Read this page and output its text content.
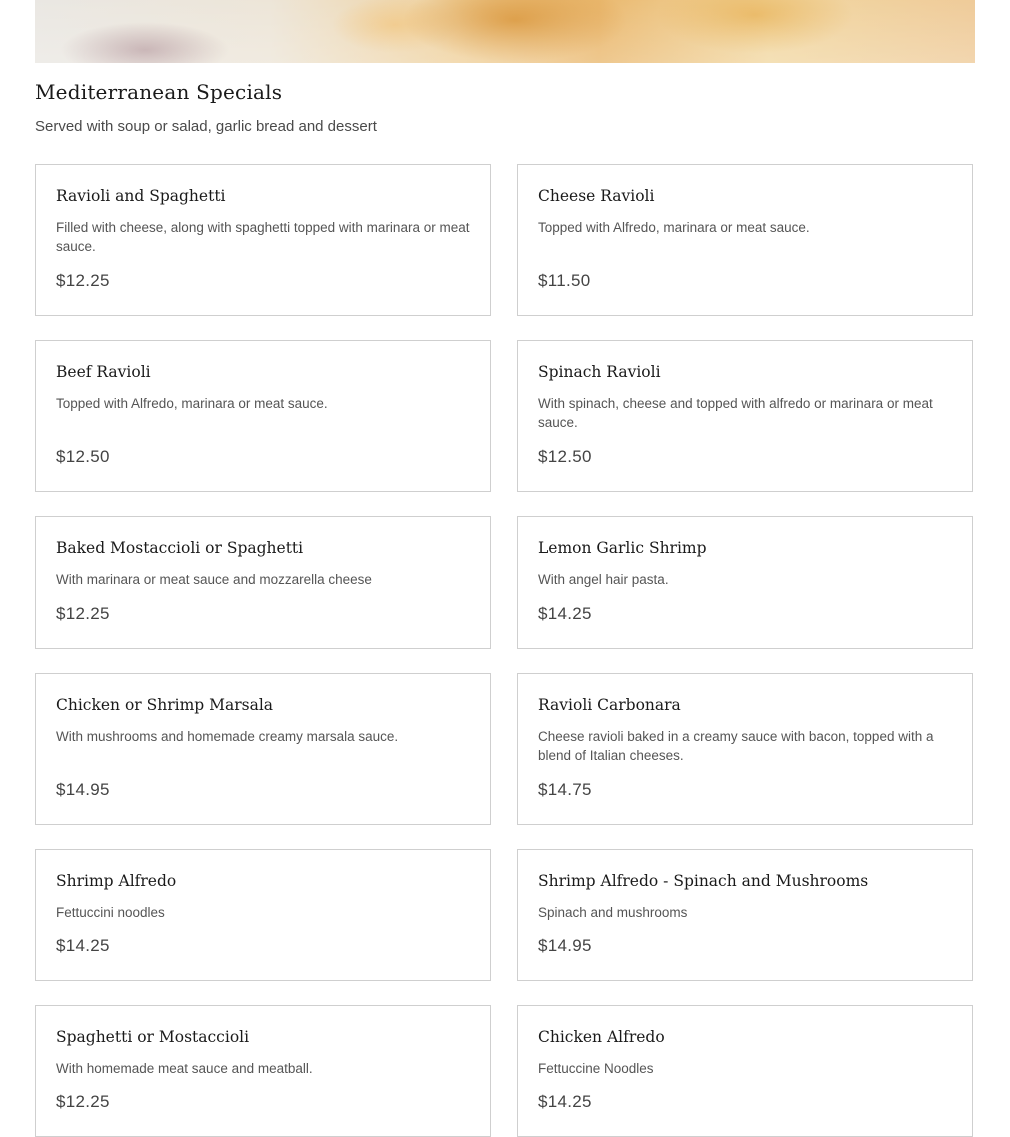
Mediterranean Specials

Served with soup or salad, garlic bread and dessert

Ravioli and Spaghetti
Filled with cheese, along with spaghetti topped with marinara or meat sauce.
$12.25
Cheese Ravioli
Topped with Alfredo, marinara or meat sauce.
$11.50
Beef Ravioli
Topped with Alfredo, marinara or meat sauce.
$12.50
Spinach Ravioli
With spinach, cheese and topped with alfredo or marinara or meat sauce.
$12.50
Baked Mostaccioli or Spaghetti
With marinara or meat sauce and mozzarella cheese
$12.25
Lemon Garlic Shrimp
With angel hair pasta.
$14.25
Chicken or Shrimp Marsala
With mushrooms and homemade creamy marsala sauce.
$14.95
Ravioli Carbonara
Cheese ravioli baked in a creamy sauce with bacon, topped with a blend of Italian cheeses.
$14.75
Shrimp Alfredo
Fettuccini noodles
$14.25
Shrimp Alfredo - Spinach and Mushrooms
Spinach and mushrooms
$14.95
Spaghetti or Mostaccioli
With homemade meat sauce and meatball.
$12.25
Chicken Alfredo
Fettuccine Noodles
$14.25
